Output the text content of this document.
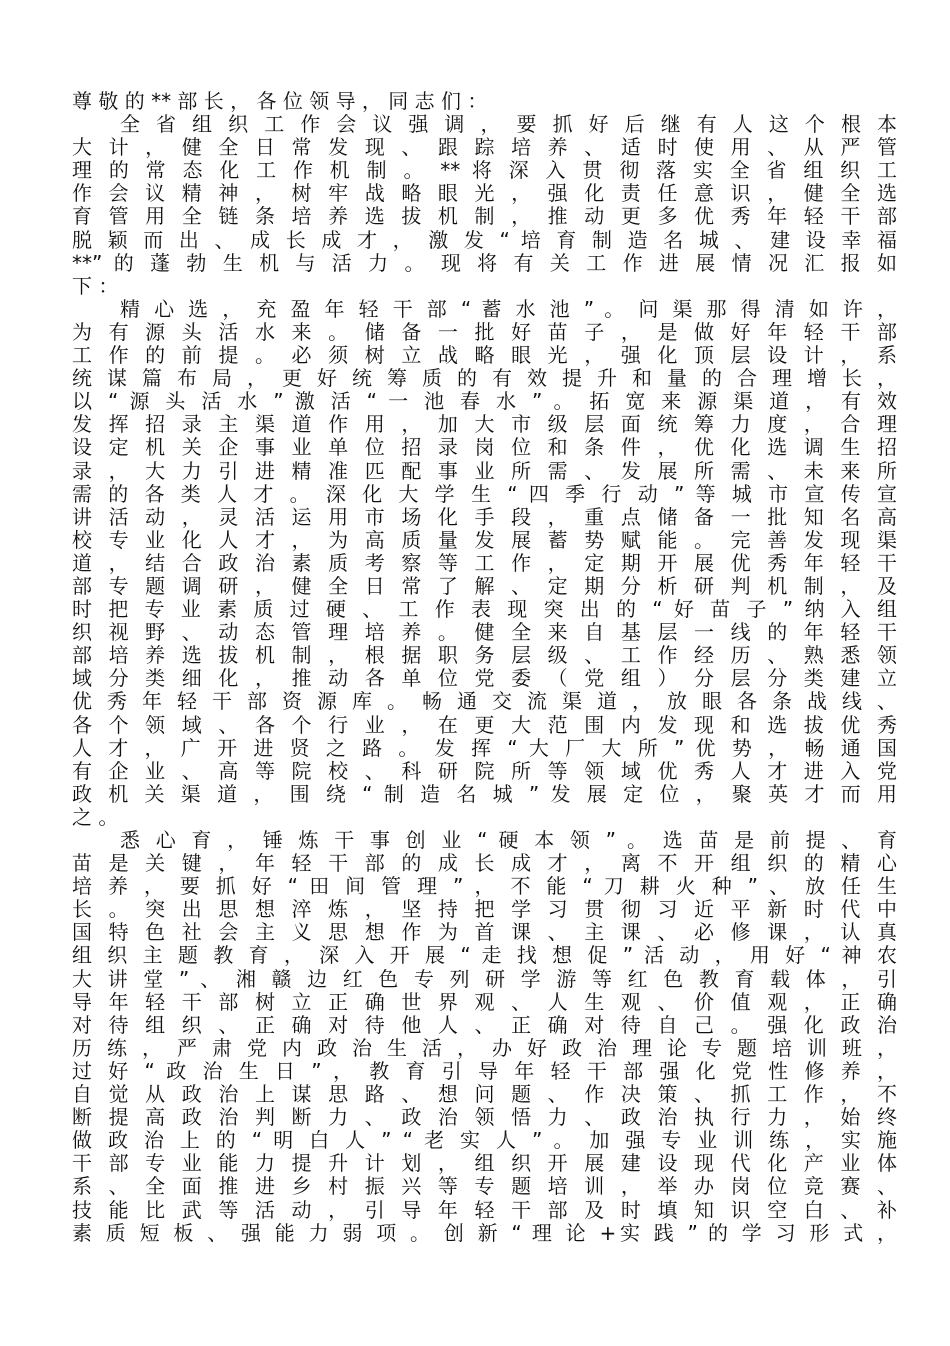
尊 敬 的 ** 部 长 ， 各 位 领 导 ， 同 志 们 ：
全 省 组 织 工 作 会 议 强 调 ， 要 抓 好 后 继 有 人 这 个 根 本
大 计 ， 健 全 日 常 发 现 、 跟 踪 培 养 、 适 时 使 用 、 从 严 管
理 的 常 态 化 工 作 机 制 。 ** 将 深 入 贯 彻 落 实 全 省 组 织 工
作 会 议 精 神 ， 树 牢 战 略 眼 光 ， 强 化 责 任 意 识 ， 健 全 选
育 管 用 全 链 条 培 养 选 拔 机 制 ， 推 动 更 多 优 秀 年 轻 干 部
脱 颖 而 出 、 成 长 成 才 ， 激 发 “ 培 育 制 造 名 城 、 建 设 幸 福
**” 的 蓬 勃 生 机 与 活 力 。 现 将 有 关 工 作 进 展 情 况 汇 报 如
下 ：
精 心 选 ， 充 盈 年 轻 干 部 “ 蓄 水 池 ” 。 问 渠 那 得 清 如 许 ，
为 有 源 头 活 水 来 。 储 备 一 批 好 苗 子 ， 是 做 好 年 轻 干 部
工 作 的 前 提 。 必 须 树 立 战 略 眼 光 ， 强 化 顶 层 设 计 ， 系
统 谋 篇 布 局 ， 更 好 统 筹 质 的 有 效 提 升 和 量 的 合 理 增 长 ，
以 “ 源 头 活 水 ” 激 活 “ 一 池 春 水 ” 。 拓 宽 来 源 渠 道 ， 有 效
发 挥 招 录 主 渠 道 作 用 ， 加 大 市 级 层 面 统 筹 力 度 ， 合 理
设 定 机 关 企 事 业 单 位 招 录 岗 位 和 条 件 ， 优 化 选 调 生 招
录 ， 大 力 引 进 精 准 匹 配 事 业 所 需 、 发 展 所 需 、 未 来 所
需 的 各 类 人 才 。 深 化 大 学 生 “ 四 季 行 动 ” 等 城 市 宣 传 宣
讲 活 动 ， 灵 活 运 用 市 场 化 手 段 ， 重 点 储 备 一 批 知 名 高
校 专 业 化 人 才 ， 为 高 质 量 发 展 蓄 势 赋 能 。 完 善 发 现 渠
道 ， 结 合 政 治 素 质 考 察 等 工 作 ， 定 期 开 展 优 秀 年 轻 干
部 专 题 调 研 ， 健 全 日 常 了 解 、 定 期 分 析 研 判 机 制 ， 及
时 把 专 业 素 质 过 硬 、 工 作 表 现 突 出 的 “ 好 苗 子 ” 纳 入 组
织 视 野 、 动 态 管 理 培 养 。 健 全 来 自 基 层 一 线 的 年 轻 干
部 培 养 选 拔 机 制 ， 根 据 职 务 层 级 、 工 作 经 历 、 熟 悉 领
域 分 类 细 化 ， 推 动 各 单 位 党 委 （ 党 组 ） 分 层 分 类 建 立
优 秀 年 轻 干 部 资 源 库 。 畅 通 交 流 渠 道 ， 放 眼 各 条 战 线 、
各 个 领 域 、 各 个 行 业 ， 在 更 大 范 围 内 发 现 和 选 拔 优 秀
人 才 ， 广 开 进 贤 之 路 。 发 挥 “ 大 厂 大 所 ” 优 势 ， 畅 通 国
有 企 业 、 高 等 院 校 、 科 研 院 所 等 领 域 优 秀 人 才 进 入 党
政 机 关 渠 道 ， 围 绕 “ 制 造 名 城 ” 发 展 定 位 ， 聚 英 才 而 用
之 。
悉 心 育 ， 锤 炼 干 事 创 业 “ 硬 本 领 ” 。 选 苗 是 前 提 、 育
苗 是 关 键 ， 年 轻 干 部 的 成 长 成 才 ， 离 不 开 组 织 的 精 心
培 养 ， 要 抓 好 “ 田 间 管 理 ” ， 不 能 “ 刀 耕 火 种 ” 、 放 任 生
长 。 突 出 思 想 淬 炼 ， 坚 持 把 学 习 贯 彻 习 近 平 新 时 代 中
国 特 色 社 会 主 义 思 想 作 为 首 课 、 主 课 、 必 修 课 ， 认 真
组 织 主 题 教 育 ， 深 入 开 展 “ 走 找 想 促 ” 活 动 ， 用 好 “ 神 农
大 讲 堂 ” 、 湘 赣 边 红 色 专 列 研 学 游 等 红 色 教 育 载 体 ， 引
导 年 轻 干 部 树 立 正 确 世 界 观 、 人 生 观 、 价 值 观 ， 正 确
对 待 组 织 、 正 确 对 待 他 人 、 正 确 对 待 自 己 。 强 化 政 治
历 练 ， 严 肃 党 内 政 治 生 活 ， 办 好 政 治 理 论 专 题 培 训 班 ，
过 好 “ 政 治 生 日 ” ， 教 育 引 导 年 轻 干 部 强 化 党 性 修 养 ，
自 觉 从 政 治 上 谋 思 路 、 想 问 题 、 作 决 策 、 抓 工 作 ， 不
断 提 高 政 治 判 断 力 、 政 治 领 悟 力 、 政 治 执 行 力 ， 始 终
做 政 治 上 的 “ 明 白 人 ” “ 老 实 人 ” 。 加 强 专 业 训 练 ， 实 施
干 部 专 业 能 力 提 升 计 划 ， 组 织 开 展 建 设 现 代 化 产 业 体
系 、 全 面 推 进 乡 村 振 兴 等 专 题 培 训 ， 举 办 岗 位 竞 赛 、
技 能 比 武 等 活 动 ， 引 导 年 轻 干 部 及 时 填 知 识 空 白 、 补
素 质 短 板 、 强 能 力 弱 项 。 创 新 “ 理 论 +实 践 ” 的 学 习 形 式 ，
